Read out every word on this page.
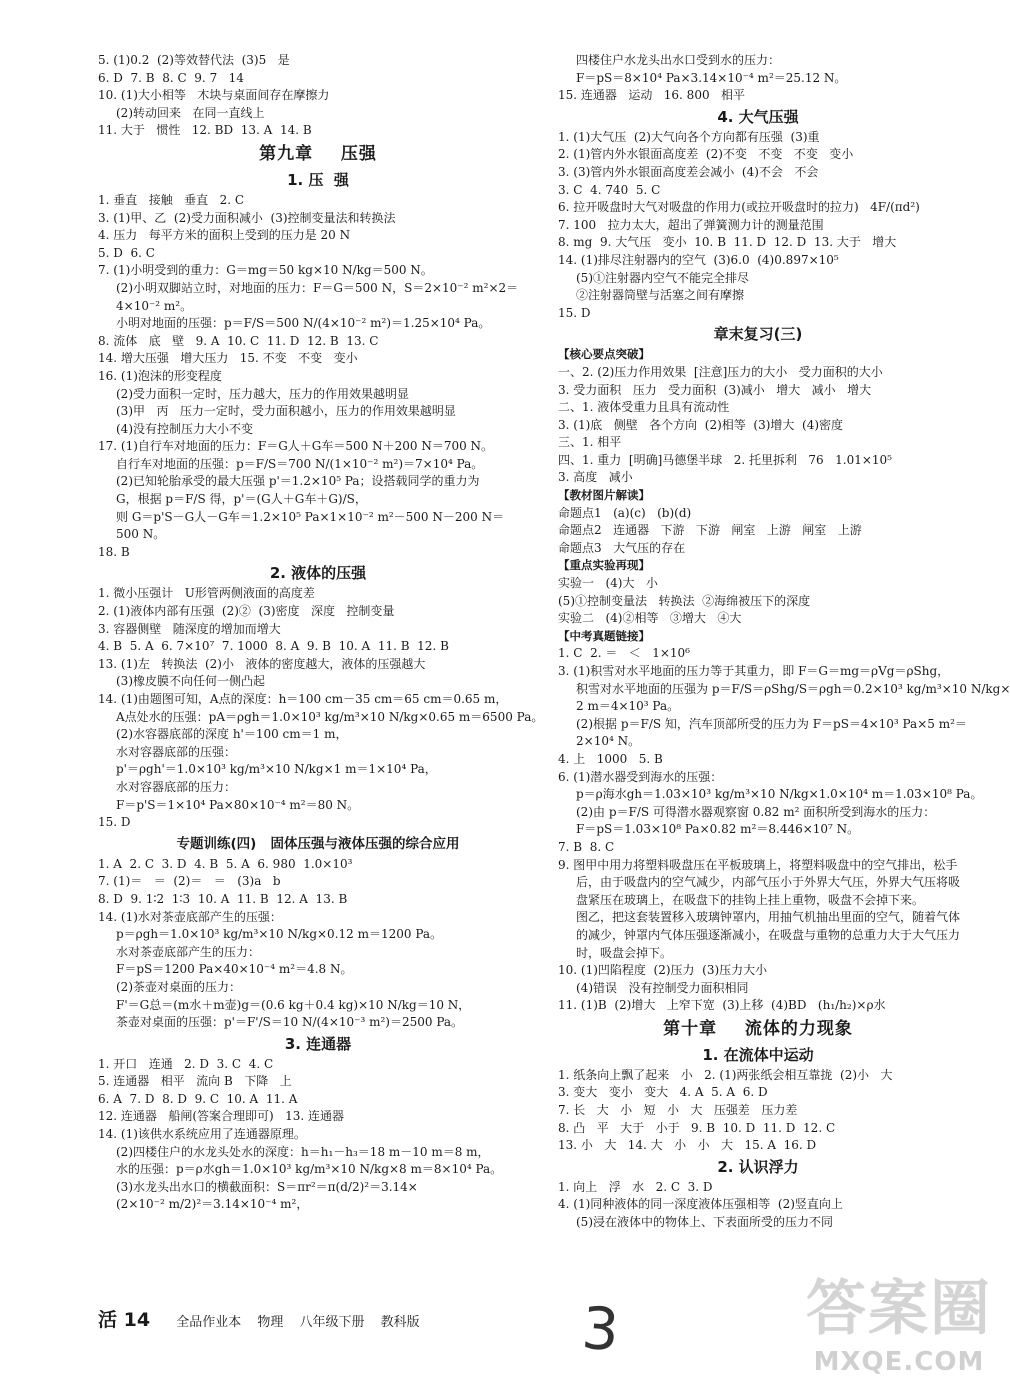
5. (1)0.2  (2)等效替代法  (3)5   是
6. D  7. B  8. C  9. 7   14
10. (1)大小相等   木块与桌面间存在摩擦力
(2)转动回来   在同一直线上
11. 大于   惯性   12. BD  13. A  14. B
第九章    压强
1. 压  强
1. 垂直   接触   垂直   2. C
3. (1)甲、乙  (2)受力面积减小  (3)控制变量法和转换法
4. 压力   每平方米的面积上受到的压力是 20 N
5. D  6. C
7. (1)小明受到的重力：G＝mg＝50 kg×10 N/kg＝500 N。
(2)小明双脚站立时，对地面的压力：F＝G＝500 N，S＝2×10⁻² m²×2＝
4×10⁻² m²。
小明对地面的压强：p＝F/S＝500 N/(4×10⁻² m²)＝1.25×10⁴ Pa。
8. 流体   底   壁   9. A  10. C  11. D  12. B  13. C
14. 增大压强   增大压力   15. 不变   不变   变小
16. (1)泡沫的形变程度
(2)受力面积一定时，压力越大，压力的作用效果越明显
(3)甲   丙   压力一定时，受力面积越小，压力的作用效果越明显
(4)没有控制压力大小不变
17. (1)自行车对地面的压力：F＝G人＋G车＝500 N＋200 N＝700 N。
自行车对地面的压强：p＝F/S＝700 N/(1×10⁻² m²)＝7×10⁴ Pa。
(2)已知轮胎承受的最大压强 p'＝1.2×10⁵ Pa；设搭载同学的重力为
G，根据 p＝F/S 得，p'＝(G人＋G车＋G)/S，
则 G＝p'S－G人－G车＝1.2×10⁵ Pa×1×10⁻² m²－500 N－200 N＝
500 N。
18. B
2. 液体的压强
1. 微小压强计   U形管两侧液面的高度差
2. (1)液体内部有压强  (2)②  (3)密度   深度   控制变量
3. 容器侧壁   随深度的增加而增大
4. B  5. A  6. 7×10⁷  7. 1000  8. A  9. B  10. A  11. B  12. B
13. (1)左   转换法  (2)小   液体的密度越大，液体的压强越大
(3)橡皮膜不向任何一侧凸起
14. (1)由题图可知，A点的深度：h＝100 cm－35 cm＝65 cm＝0.65 m，
A点处水的压强：pA＝ρgh＝1.0×10³ kg/m³×10 N/kg×0.65 m＝6500 Pa。
(2)水容器底部的深度 h'＝100 cm＝1 m，
水对容器底部的压强：
p'＝ρgh'＝1.0×10³ kg/m³×10 N/kg×1 m＝1×10⁴ Pa，
水对容器底部的压力：
F＝p'S＝1×10⁴ Pa×80×10⁻⁴ m²＝80 N。
15. D
专题训练(四)   固体压强与液体压强的综合应用
1. A  2. C  3. D  4. B  5. A  6. 980  1.0×10³
7. (1)＝   ＝  (2)＝   ＝   (3)a   b
8. D  9. 1∶2  1∶3  10. A  11. B  12. A  13. B
14. (1)水对茶壶底部产生的压强：
p＝ρgh＝1.0×10³ kg/m³×10 N/kg×0.12 m＝1200 Pa。
水对茶壶底部产生的压力：
F＝pS＝1200 Pa×40×10⁻⁴ m²＝4.8 N。
(2)茶壶对桌面的压力：
F'＝G总＝(m水＋m壶)g＝(0.6 kg＋0.4 kg)×10 N/kg＝10 N，
茶壶对桌面的压强：p'＝F'/S＝10 N/(4×10⁻³ m²)＝2500 Pa。
3. 连通器
1. 开口   连通   2. D  3. C  4. C
5. 连通器   相平   流向 B   下降   上
6. A  7. D  8. D  9. C  10. A  11. A
12. 连通器   船闸(答案合理即可)   13. 连通器
14. (1)该供水系统应用了连通器原理。
(2)四楼住户的水龙头处水的深度：h＝h₁－h₃＝18 m－10 m＝8 m，
水的压强：p＝ρ水gh＝1.0×10³ kg/m³×10 N/kg×8 m＝8×10⁴ Pa。
(3)水龙头出水口的横截面积：S＝πr²＝π(d/2)²＝3.14×
(2×10⁻² m/2)²＝3.14×10⁻⁴ m²，
四楼住户水龙头出水口受到水的压力：
F＝pS＝8×10⁴ Pa×3.14×10⁻⁴ m²＝25.12 N。
15. 连通器   运动   16. 800   相平
4. 大气压强
1. (1)大气压  (2)大气向各个方向都有压强  (3)重
2. (1)管内外水银面高度差  (2)不变   不变   不变   变小
3. (3)管内外水银面高度差会减小  (4)不会   不会
3. C  4. 740  5. C
6. 拉开吸盘时大气对吸盘的作用力(或拉开吸盘时的拉力)   4F/(πd²)
7. 100   拉力太大，超出了弹簧测力计的测量范围
8. mg  9. 大气压   变小  10. B  11. D  12. D  13. 大于   增大
14. (1)排尽注射器内的空气  (3)6.0  (4)0.897×10⁵
(5)①注射器内空气不能完全排尽
②注射器筒壁与活塞之间有摩擦
15. D
章末复习(三)
【核心要点突破】
一、2. (2)压力作用效果  [注意]压力的大小   受力面积的大小
3. 受力面积   压力   受力面积  (3)减小   增大   减小   增大
二、1. 液体受重力且具有流动性
3. (1)底   侧壁   各个方向  (2)相等  (3)增大  (4)密度
三、1. 相平
四、1. 重力  [明确]马德堡半球   2. 托里拆利   76   1.01×10⁵
3. 高度   减小
【教材图片解读】
命题点1   (a)(c)   (b)(d)
命题点2   连通器   下游   下游   闸室   上游   闸室   上游
命题点3   大气压的存在
【重点实验再现】
实验一   (4)大   小
(5)①控制变量法   转换法  ②海绵被压下的深度
实验二   (4)②相等   ③增大   ④大
【中考真题链接】
1. C  2. ＝   ＜   1×10⁶
3. (1)积雪对水平地面的压力等于其重力，即 F＝G＝mg＝ρVg＝ρShg，
积雪对水平地面的压强为 p＝F/S＝ρShg/S＝ρgh＝0.2×10³ kg/m³×10 N/kg×
2 m＝4×10³ Pa。
(2)根据 p＝F/S 知，汽车顶部所受的压力为 F＝pS＝4×10³ Pa×5 m²＝
2×10⁴ N。
4. 上   1000   5. B
6. (1)潜水器受到海水的压强：
p＝ρ海水gh＝1.03×10³ kg/m³×10 N/kg×1.0×10⁴ m＝1.03×10⁸ Pa。
(2)由 p＝F/S 可得潜水器观察窗 0.82 m² 面积所受到海水的压力：
F＝pS＝1.03×10⁸ Pa×0.82 m²＝8.446×10⁷ N。
7. B  8. C
9. 图甲中用力将塑料吸盘压在平板玻璃上，将塑料吸盘中的空气排出，松手
后，由于吸盘内的空气减少，内部气压小于外界大气压，外界大气压将吸
盘紧压在玻璃上，在吸盘下的挂钩上挂上重物，吸盘不会掉下来。
图乙，把这套装置移入玻璃钟罩内，用抽气机抽出里面的空气，随着气体
的减少，钟罩内气体压强逐渐减小，在吸盘与重物的总重力大于大气压力
时，吸盘会掉下。
10. (1)凹陷程度  (2)压力  (3)压力大小
(4)错误   没有控制受力面积相同
11. (1)B  (2)增大   上窄下宽  (3)上移  (4)BD   (h₁/h₂)×ρ水
第十章    流体的力现象
1. 在流体中运动
1. 纸条向上飘了起来   小   2. (1)两张纸会相互靠拢  (2)小   大
3. 变大   变小   变大   4. A  5. A  6. D
7. 长   大   小   短   小   大   压强差   压力差
8. 凸   平   大于   小于   9. B  10. D  11. D  12. C
13. 小   大   14. 大   小   小   大   15. A  16. D
2. 认识浮力
1. 向上   浮   水   2. C  3. D
4. (1)同种液体的同一深度液体压强相等  (2)竖直向上
(5)浸在液体中的物体上、下表面所受的压力不同
活 14 全品作业本 物理 八年级下册 教科版	3	答案圈
MXQE.COM
